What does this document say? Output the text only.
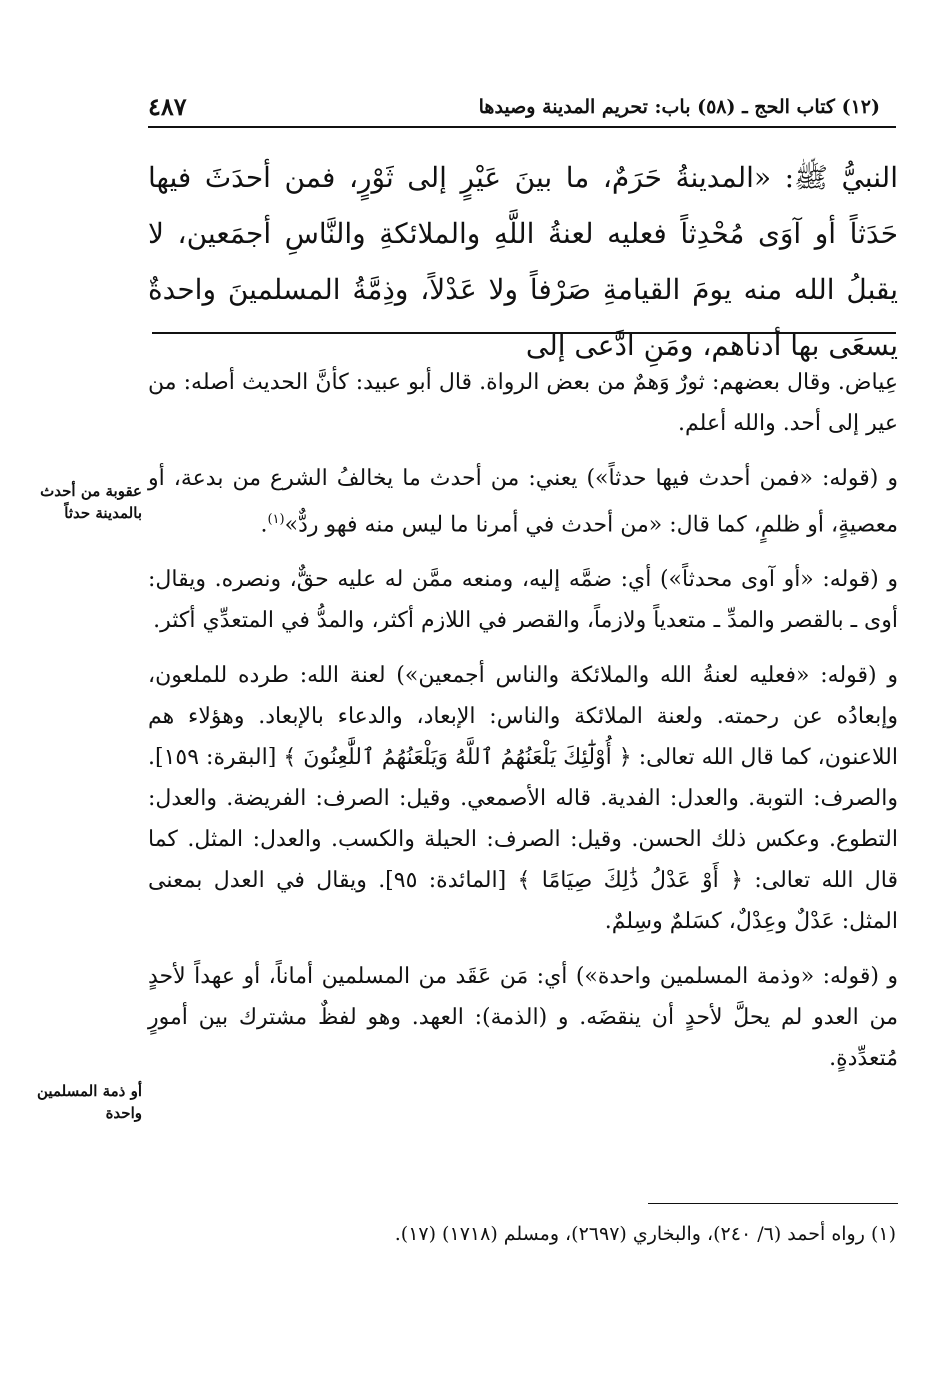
(١٢) كتاب الحج ـ (٥٨) باب: تحريم المدينة وصيدها
٤٨٧

النبيُّ ﷺ: «المدينةُ حَرَمٌ، ما بينَ عَيْرٍ إلى ثَوْرٍ، فمن أحدَثَ فيها حَدَثاً أو آوَى مُحْدِثاً فعليه لعنةُ اللَّهِ والملائكةِ والنَّاسِ أجمَعين، لا يقبلُ الله منه يومَ القيامةِ صَرْفاً ولا عَدْلاً، وذِمَّةُ المسلمينَ واحدةٌ يسعَى بها أدناهم، ومَنِ ادَّعى إلى

عِياض. وقال بعضهم: ثورٌ وَهمٌ من بعض الرواة. قال أبو عبيد: كأنَّ الحديث أصله: من عير إلى أحد. والله أعلم.

و (قوله: «فمن أحدث فيها حدثاً») يعني: من أحدث ما يخالفُ الشرع من بدعة، أو معصيةٍ، أو ظلمٍ، كما قال: «من أحدث في أمرنا ما ليس منه فهو ردٌّ»$^{(١)}$.

و (قوله: «أو آوى محدثاً») أي: ضمَّه إليه، ومنعه ممَّن له عليه حقٌّ، ونصره. ويقال: أوى ـ بالقصر والمدِّ ـ متعدياً ولازماً، والقصر في اللازم أكثر، والمدُّ في المتعدِّي أكثر.

و (قوله: «فعليه لعنةُ الله والملائكة والناس أجمعين») لعنة الله: طرده للملعون، وإبعادُه عن رحمته. ولعنة الملائكة والناس: الإبعاد، والدعاء بالإبعاد. وهؤلاء هم اللاعنون، كما قال الله تعالى: ﴿ أُوْلَٰٓئِكَ يَلْعَنُهُمُ ٱللَّهُ وَيَلْعَنُهُمُ ٱللَّٰعِنُونَ ﴾ [البقرة: ١٥٩]. والصرف: التوبة. والعدل: الفدية. قاله الأصمعي. وقيل: الصرف: الفريضة. والعدل: التطوع. وعكس ذلك الحسن. وقيل: الصرف: الحيلة والكسب. والعدل: المثل. كما قال الله تعالى: ﴿ أَوْ عَدْلُ ذَٰلِكَ صِيَامًا ﴾ [المائدة: ٩٥]. ويقال في العدل بمعنى المثل: عَدْلٌ وعِدْلٌ، كسَلمٌ وسِلمٌ.

و (قوله: «وذمة المسلمين واحدة») أي: مَن عَقَد من المسلمين أماناً، أو عهداً لأحدٍ من العدو لم يحلَّ لأحدٍ أن ينقضَه. و (الذمة): العهد. وهو لفظٌ مشترك بين أمورٍ مُتعدِّدةٍ.

عقوبة من أحدث بالمدينة حدثاً
أو ذمة المسلمين واحدة
(١) رواه أحمد (٦/ ٢٤٠)، والبخاري (٢٦٩٧)، ومسلم (١٧١٨) (١٧).
